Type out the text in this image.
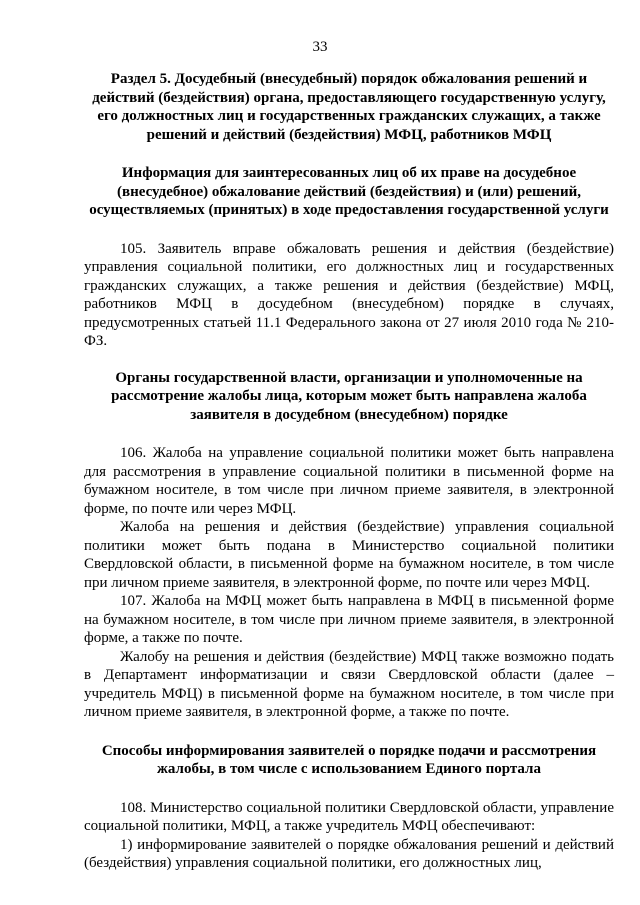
33

Раздел 5. Досудебный (внесудебный) порядок обжалования решений и действий (бездействия) органа, предоставляющего государственную услугу, его должностных лиц и государственных гражданских служащих, а также решений и действий (бездействия) МФЦ, работников МФЦ

Информация для заинтересованных лиц об их праве на досудебное (внесудебное) обжалование действий (бездействия) и (или) решений, осуществляемых (принятых) в ходе предоставления государственной услуги

105. Заявитель вправе обжаловать решения и действия (бездействие) управления социальной политики, его должностных лиц и государственных гражданских служащих, а также решения и действия (бездействие) МФЦ, работников МФЦ в досудебном (внесудебном) порядке в случаях, предусмотренных статьей 11.1 Федерального закона от 27 июля 2010 года № 210-ФЗ.

Органы государственной власти, организации и уполномоченные на рассмотрение жалобы лица, которым может быть направлена жалоба заявителя в досудебном (внесудебном) порядке

106. Жалоба на управление социальной политики может быть направлена для рассмотрения в управление социальной политики в письменной форме на бумажном носителе, в том числе при личном приеме заявителя, в электронной форме, по почте или через МФЦ.

Жалоба на решения и действия (бездействие) управления социальной политики может быть подана в Министерство социальной политики Свердловской области, в письменной форме на бумажном носителе, в том числе при личном приеме заявителя, в электронной форме, по почте или через МФЦ.

107. Жалоба на МФЦ может быть направлена в МФЦ в письменной форме на бумажном носителе, в том числе при личном приеме заявителя, в электронной форме, а также по почте.

Жалобу на решения и действия (бездействие) МФЦ также возможно подать в Департамент информатизации и связи Свердловской области (далее – учредитель МФЦ) в письменной форме на бумажном носителе, в том числе при личном приеме заявителя, в электронной форме, а также по почте.

Способы информирования заявителей о порядке подачи и рассмотрения жалобы, в том числе с использованием Единого портала

108. Министерство социальной политики Свердловской области, управление социальной политики, МФЦ, а также учредитель МФЦ обеспечивают:

1) информирование заявителей о порядке обжалования решений и действий (бездействия) управления социальной политики, его должностных лиц,
